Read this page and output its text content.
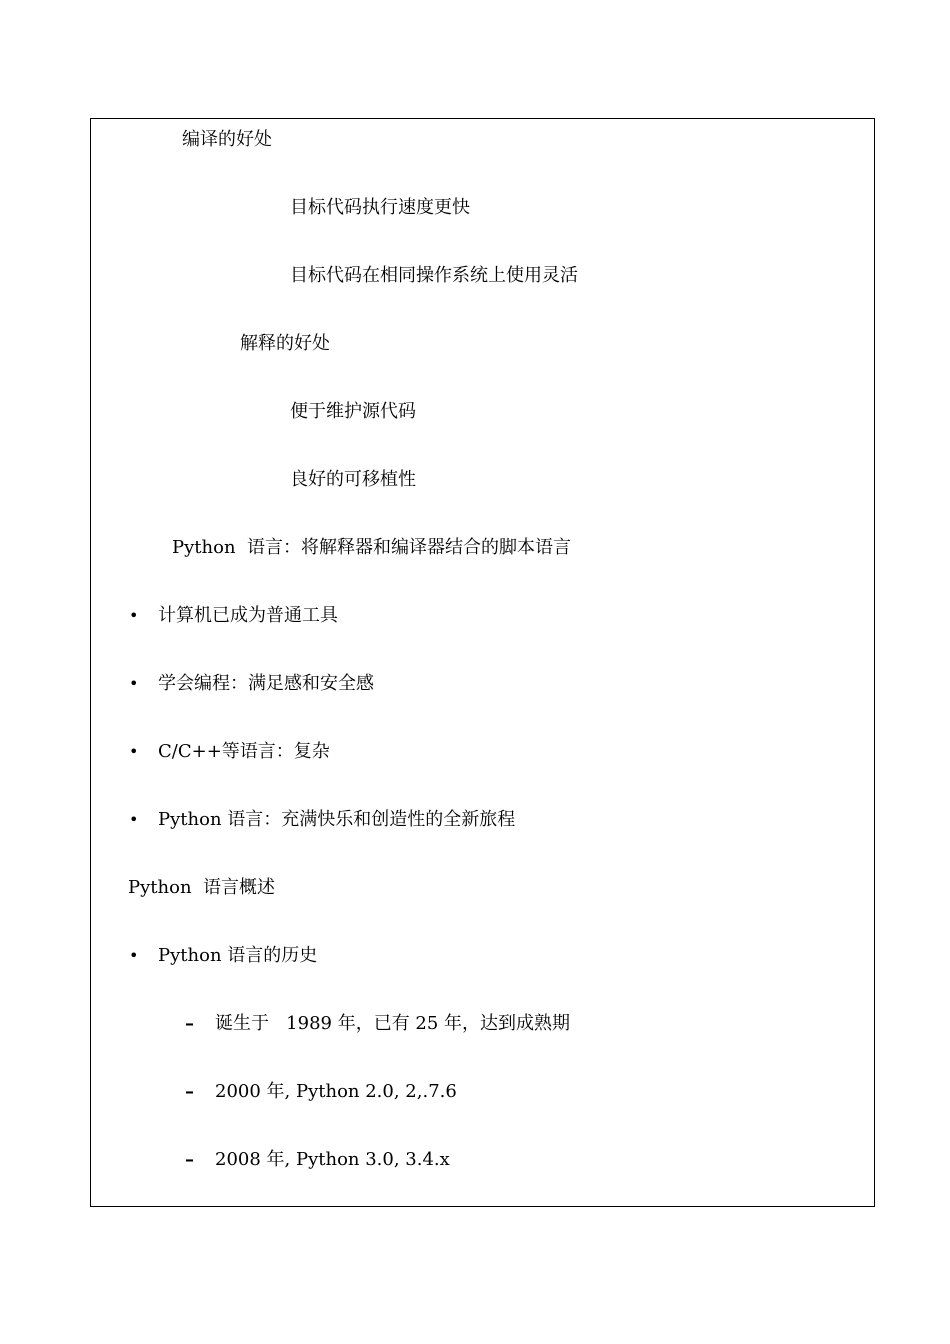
编译的好处
目标代码执行速度更快
目标代码在相同操作系统上使用灵活
解释的好处
便于维护源代码
良好的可移植性
Python  语言：将解释器和编译器结合的脚本语言
• 计算机已成为普通工具
• 学会编程：满足感和安全感
• C/C++等语言：复杂
• Python 语言：充满快乐和创造性的全新旅程
Python  语言概述
• Python 语言的历史
– 诞生于   1989 年，已有 25 年，达到成熟期
– 2000 年, Python 2.0, 2,.7.6
– 2008 年, Python 3.0, 3.4.x
